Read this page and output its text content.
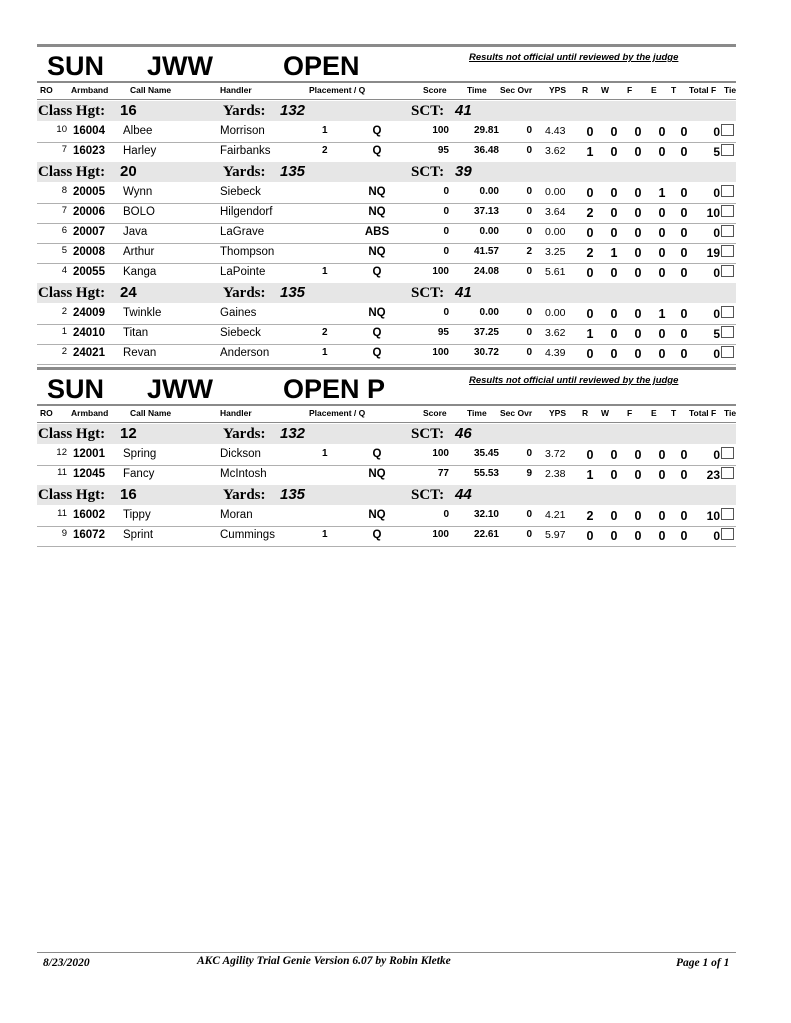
SUN JWW	OPEN	Results not official until reviewed by the judge
RO Armband	Call Name	Handler	Placement / Q	Score Time Sec Ovr YPS R W F E T Total F Tie
Class Hgt: 16	Yards: 132	SCT: 41
10 16004 Albee	Morrison	1	Q	100	29.81	0 4.43 0 0 0 0 0	0
7 16023 Harley	Fairbanks	2	Q	95	36.48	0 3.62 1 0 0 0 0	5
Class Hgt: 20	Yards: 135	SCT: 39
8 20005 Wynn	Siebeck	NQ	0	0.00	0 0.00 0 0 0 1 0	0
7 20006 BOLO	Hilgendorf	NQ	0	37.13	0 3.64 2 0 0 0 0	10
6 20007 Java	LaGrave	ABS	0	0.00	0 0.00 0 0 0 0 0	0
5 20008 Arthur	Thompson	NQ	0	41.57	2 3.25 2 1 0 0 0	19
4 20055 Kanga	LaPointe	1	Q	100	24.08	0 5.61 0 0 0 0 0	0
Class Hgt: 24	Yards: 135	SCT: 41
2 24009 Twinkle	Gaines	NQ	0	0.00	0 0.00 0 0 0 1 0	0
1 24010 Titan	Siebeck	2	Q	95	37.25	0 3.62 1 0 0 0 0	5
2 24021 Revan	Anderson	1	Q	100	30.72	0 4.39 0 0 0 0 0	0
SUN JWW	OPEN P	Results not official until reviewed by the judge
RO Armband	Call Name	Handler	Placement / Q	Score Time Sec Ovr YPS R W F E T Total F Tie
Class Hgt: 12	Yards: 132	SCT: 46
12 12001 Spring	Dickson	1	Q	100	35.45	0 3.72 0 0 0 0 0	0
11 12045 Fancy	McIntosh	NQ	77	55.53	9 2.38 1 0 0 0 0	23
Class Hgt: 16	Yards: 135	SCT: 44
11 16002 Tippy	Moran	NQ	0	32.10	0 4.21 2 0 0 0 0	10
9 16072 Sprint	Cummings	1	Q	100	22.61	0 5.97 0 0 0 0 0	0
8/23/2020	AKC Agility Trial Genie Version 6.07 by Robin Kletke	Page 1 of 1
